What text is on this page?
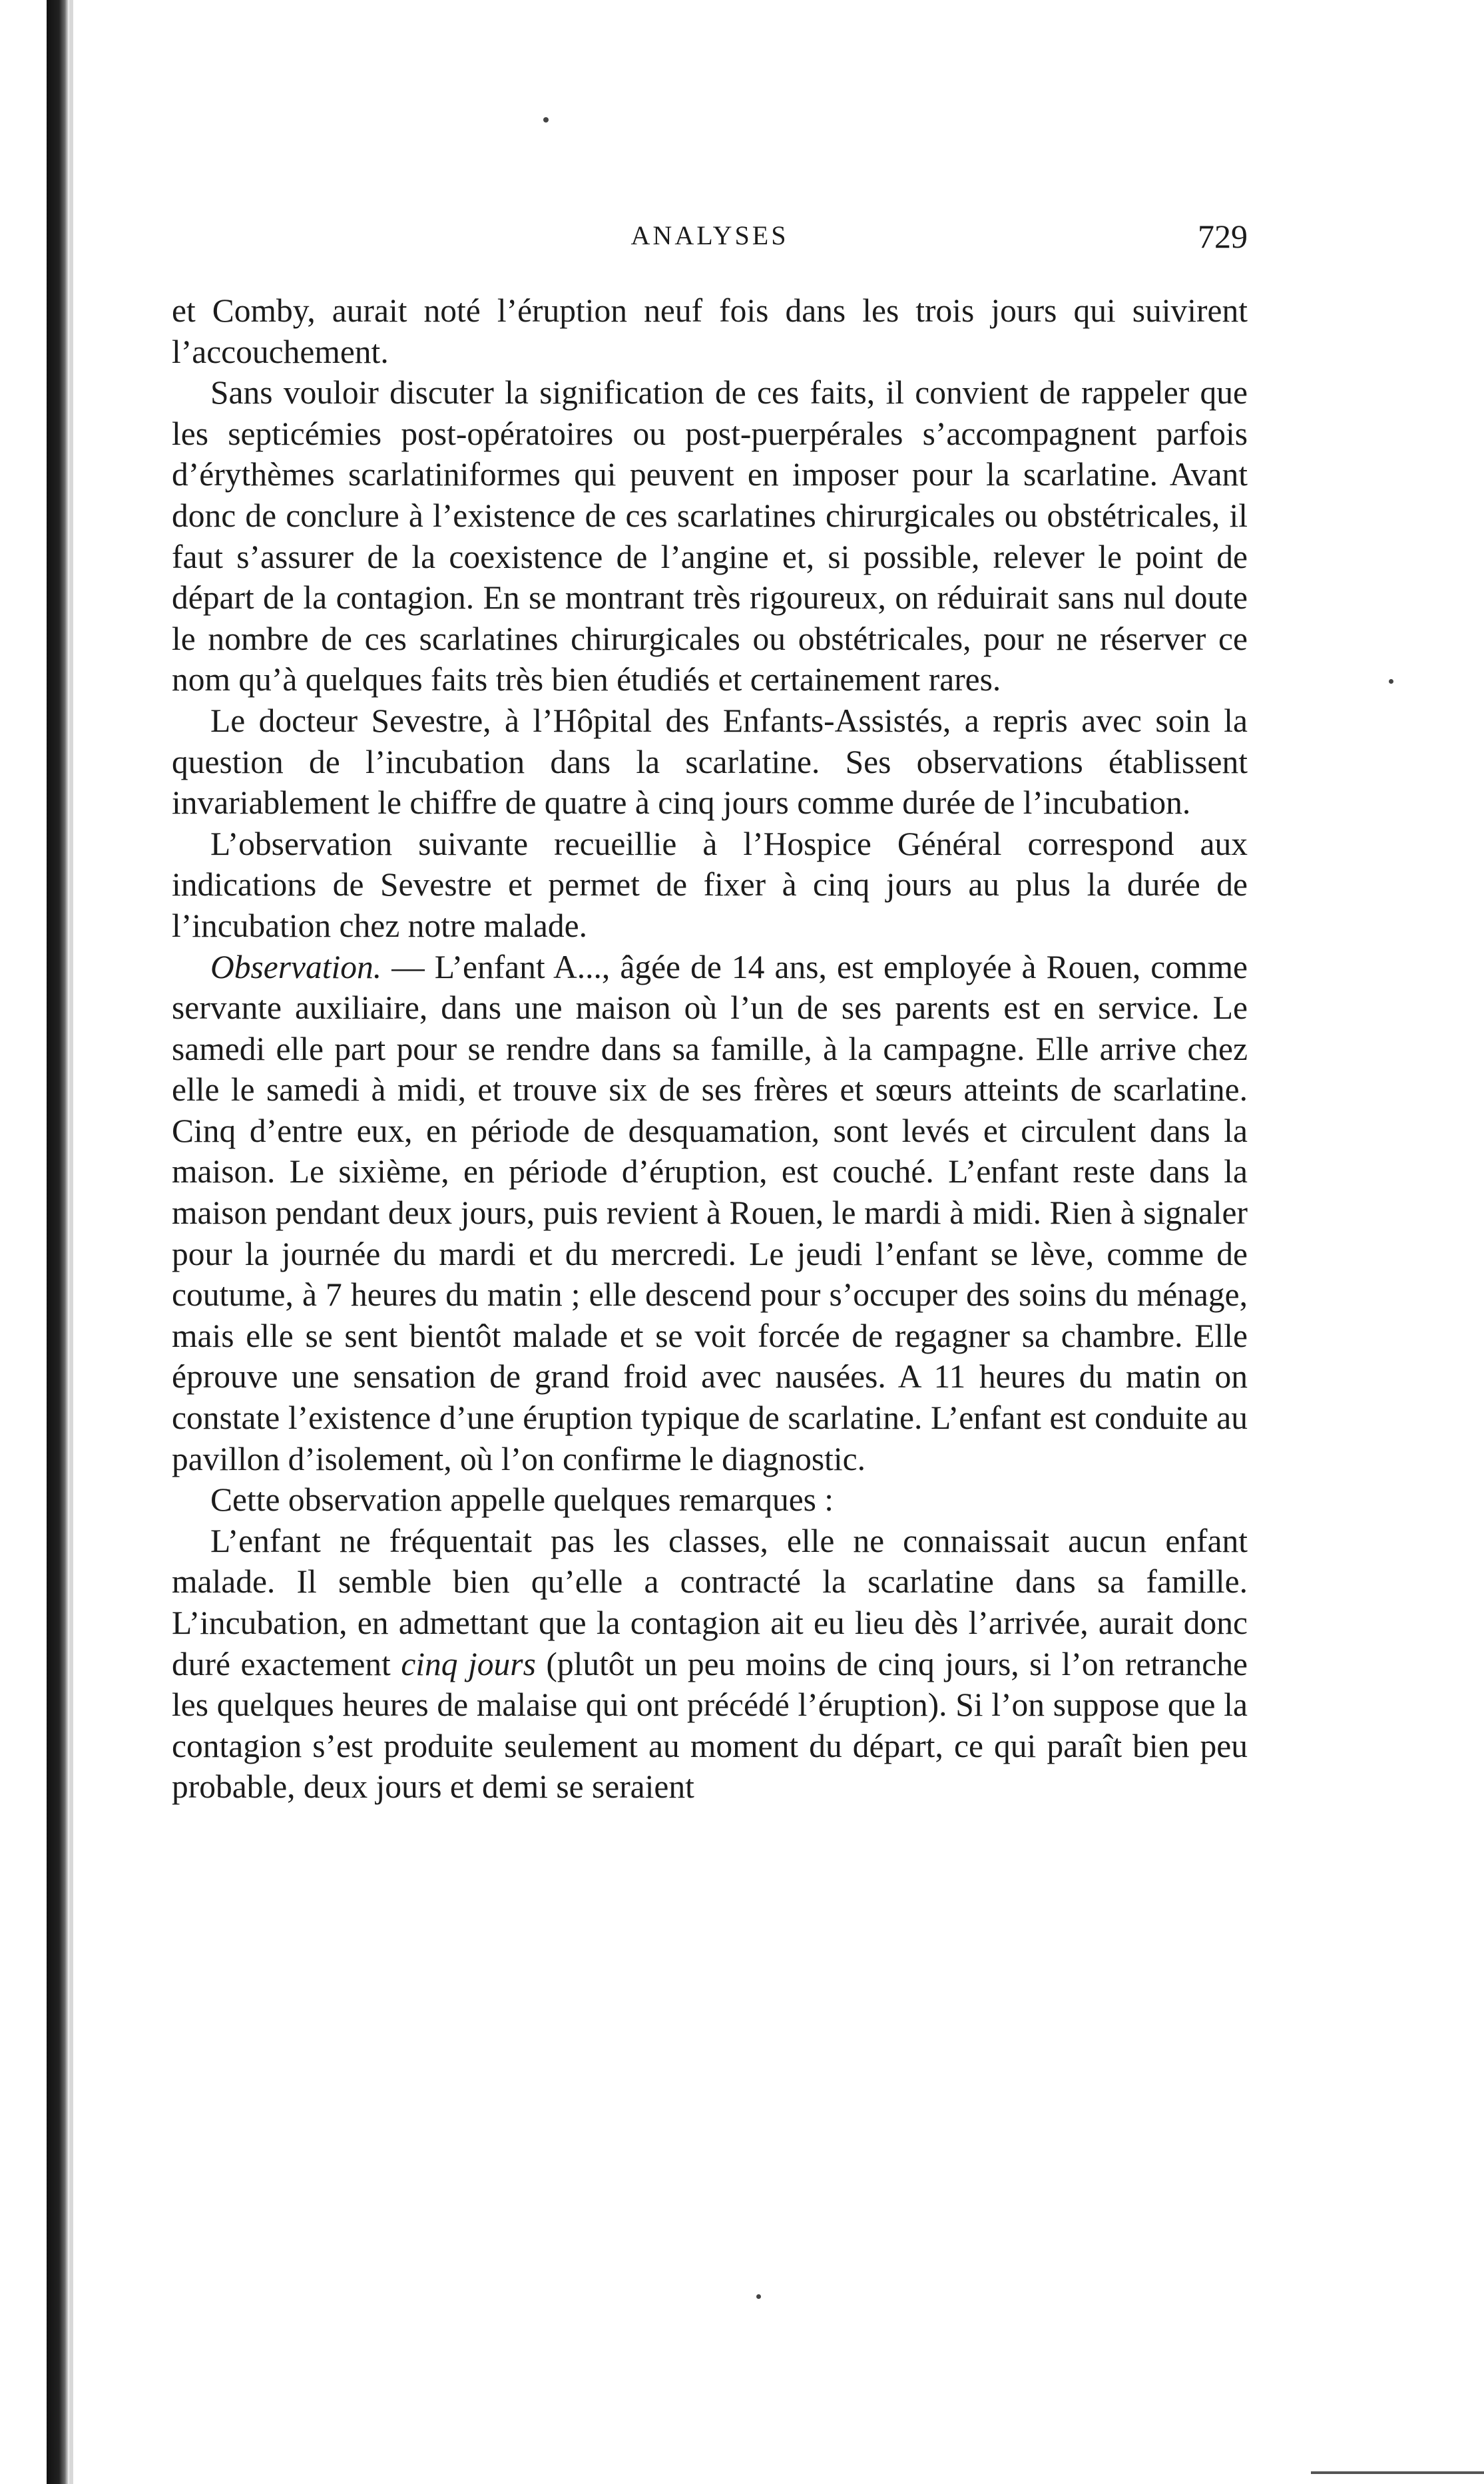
ANALYSES	729

et Comby, aurait noté l’éruption neuf fois dans les trois jours qui suivirent l’accouchement.

Sans vouloir discuter la signification de ces faits, il convient de rappeler que les septicémies post-opératoires ou post-puerpérales s’accompagnent parfois d’érythèmes scarlatiniformes qui peuvent en imposer pour la scarlatine. Avant donc de conclure à l’existence de ces scarlatines chirurgicales ou obstétricales, il faut s’assurer de la coexistence de l’angine et, si possible, relever le point de départ de la contagion. En se montrant très rigoureux, on réduirait sans nul doute le nombre de ces scarlatines chirurgicales ou obstétricales, pour ne réserver ce nom qu’à quelques faits très bien étudiés et certainement rares.

Le docteur Sevestre, à l’Hôpital des Enfants-Assistés, a repris avec soin la question de l’incubation dans la scarlatine. Ses observations établissent invariablement le chiffre de quatre à cinq jours comme durée de l’incubation.

L’observation suivante recueillie à l’Hospice Général correspond aux indications de Sevestre et permet de fixer à cinq jours au plus la durée de l’incubation chez notre malade.

Observation. — L’enfant A..., âgée de 14 ans, est employée à Rouen, comme servante auxiliaire, dans une maison où l’un de ses parents est en service. Le samedi elle part pour se rendre dans sa famille, à la campagne. Elle arrive chez elle le samedi à midi, et trouve six de ses frères et sœurs atteints de scarlatine. Cinq d’entre eux, en période de desquamation, sont levés et circulent dans la maison. Le sixième, en période d’éruption, est couché. L’enfant reste dans la maison pendant deux jours, puis revient à Rouen, le mardi à midi. Rien à signaler pour la journée du mardi et du mercredi. Le jeudi l’enfant se lève, comme de coutume, à 7 heures du matin ; elle descend pour s’occuper des soins du ménage, mais elle se sent bientôt malade et se voit forcée de regagner sa chambre. Elle éprouve une sensation de grand froid avec nausées. A 11 heures du matin on constate l’existence d’une éruption typique de scarlatine. L’enfant est conduite au pavillon d’isolement, où l’on confirme le diagnostic.

Cette observation appelle quelques remarques :

L’enfant ne fréquentait pas les classes, elle ne connaissait aucun enfant malade. Il semble bien qu’elle a contracté la scarlatine dans sa famille. L’incubation, en admettant que la contagion ait eu lieu dès l’arrivée, aurait donc duré exactement cinq jours (plutôt un peu moins de cinq jours, si l’on retranche les quelques heures de malaise qui ont précédé l’éruption). Si l’on suppose que la contagion s’est produite seulement au moment du départ, ce qui paraît bien peu probable, deux jours et demi se seraient
